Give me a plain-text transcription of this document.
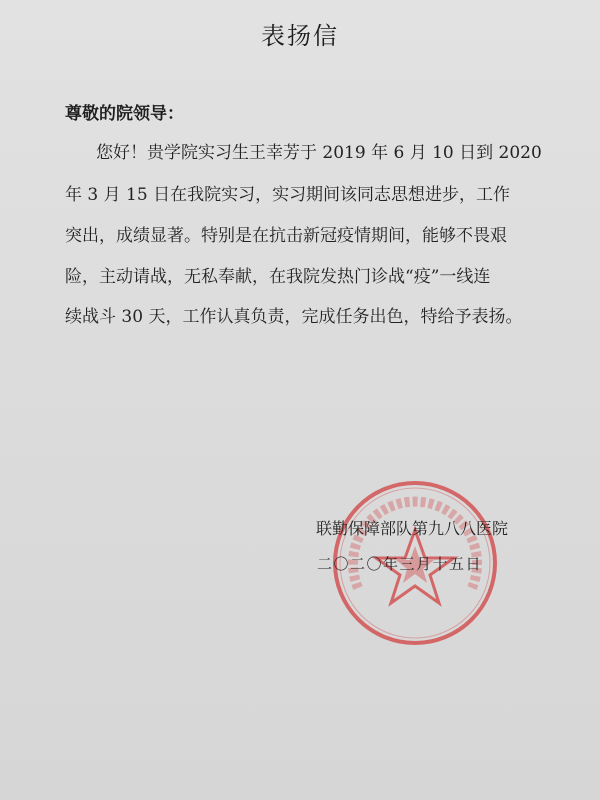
表扬信
尊敬的院领导：
您好！贵学院实习生王幸芳于 2019 年 6 月 10 日到 2020
年 3 月 15 日在我院实习，实习期间该同志思想进步，工作
突出，成绩显著。特别是在抗击新冠疫情期间，能够不畏艰
险，主动请战，无私奉献，在我院发热门诊战“疫”一线连
续战斗 30 天，工作认真负责，完成任务出色，特给予表扬。
联勤保障部队第九八八医院
二〇二〇年三月十五日
